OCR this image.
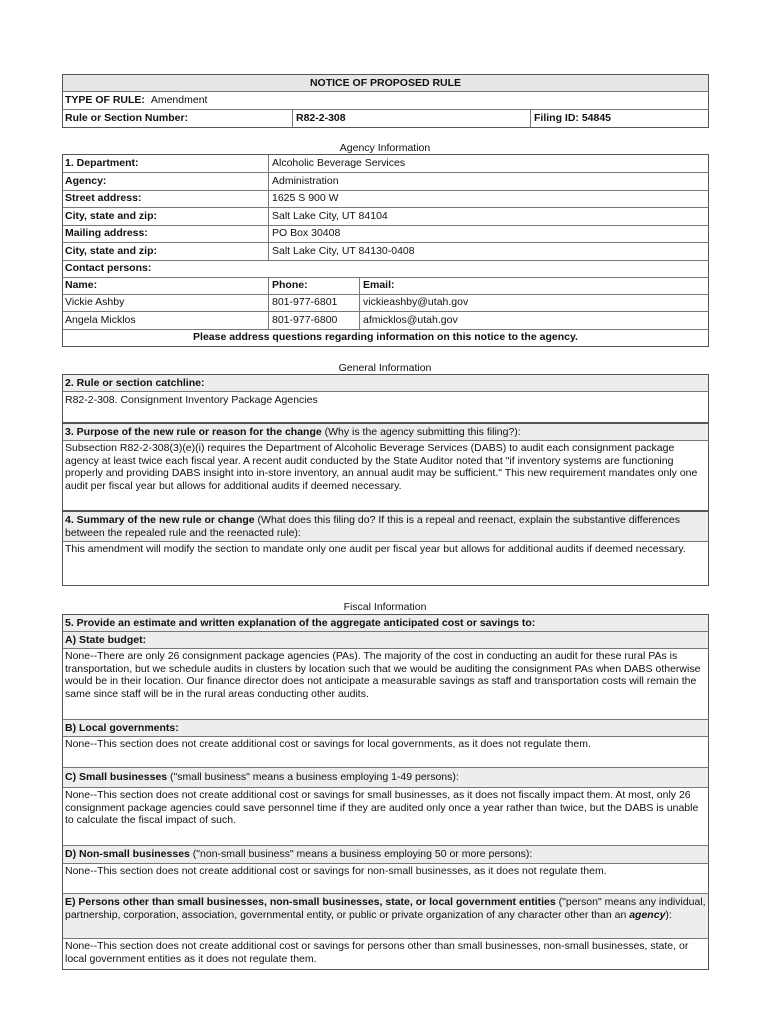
NOTICE OF PROPOSED RULE
TYPE OF RULE: Amendment
Rule or Section Number:	R82-2-308	Filing ID: 54845
Agency Information
1. Department:	Alcoholic Beverage Services
Agency:	Administration
Street address:	1625 S 900 W
City, state and zip:	Salt Lake City, UT 84104
Mailing address:	PO Box 30408
City, state and zip:	Salt Lake City, UT 84130-0408
Contact persons:
Name:	Phone:	Email:
Vickie Ashby	801-977-6801	vickieashby@utah.gov
Angela Micklos	801-977-6800	afmicklos@utah.gov
Please address questions regarding information on this notice to the agency.
General Information
2. Rule or section catchline:
R82-2-308. Consignment Inventory Package Agencies
3. Purpose of the new rule or reason for the change (Why is the agency submitting this filing?):
Subsection R82-2-308(3)(e)(i) requires the Department of Alcoholic Beverage Services (DABS) to audit each consignment package agency at least twice each fiscal year. A recent audit conducted by the State Auditor noted that "if inventory systems are functioning properly and providing DABS insight into in-store inventory, an annual audit may be sufficient." This new requirement mandates only one audit per fiscal year but allows for additional audits if deemed necessary.
4. Summary of the new rule or change (What does this filing do? If this is a repeal and reenact, explain the substantive differences between the repealed rule and the reenacted rule):
This amendment will modify the section to mandate only one audit per fiscal year but allows for additional audits if deemed necessary.
Fiscal Information
5. Provide an estimate and written explanation of the aggregate anticipated cost or savings to:
A) State budget:
None--There are only 26 consignment package agencies (PAs). The majority of the cost in conducting an audit for these rural PAs is transportation, but we schedule audits in clusters by location such that we would be auditing the consignment PAs when DABS otherwise would be in their location. Our finance director does not anticipate a measurable savings as staff and transportation costs will remain the same since staff will be in the rural areas conducting other audits.
B) Local governments:
None--This section does not create additional cost or savings for local governments, as it does not regulate them.
C) Small businesses ("small business" means a business employing 1-49 persons):
None--This section does not create additional cost or savings for small businesses, as it does not fiscally impact them. At most, only 26 consignment package agencies could save personnel time if they are audited only once a year rather than twice, but the DABS is unable to calculate the fiscal impact of such.
D) Non-small businesses ("non-small business" means a business employing 50 or more persons):
None--This section does not create additional cost or savings for non-small businesses, as it does not regulate them.
E) Persons other than small businesses, non-small businesses, state, or local government entities ("person" means any individual, partnership, corporation, association, governmental entity, or public or private organization of any character other than an agency):
None--This section does not create additional cost or savings for persons other than small businesses, non-small businesses, state, or local government entities as it does not regulate them.
